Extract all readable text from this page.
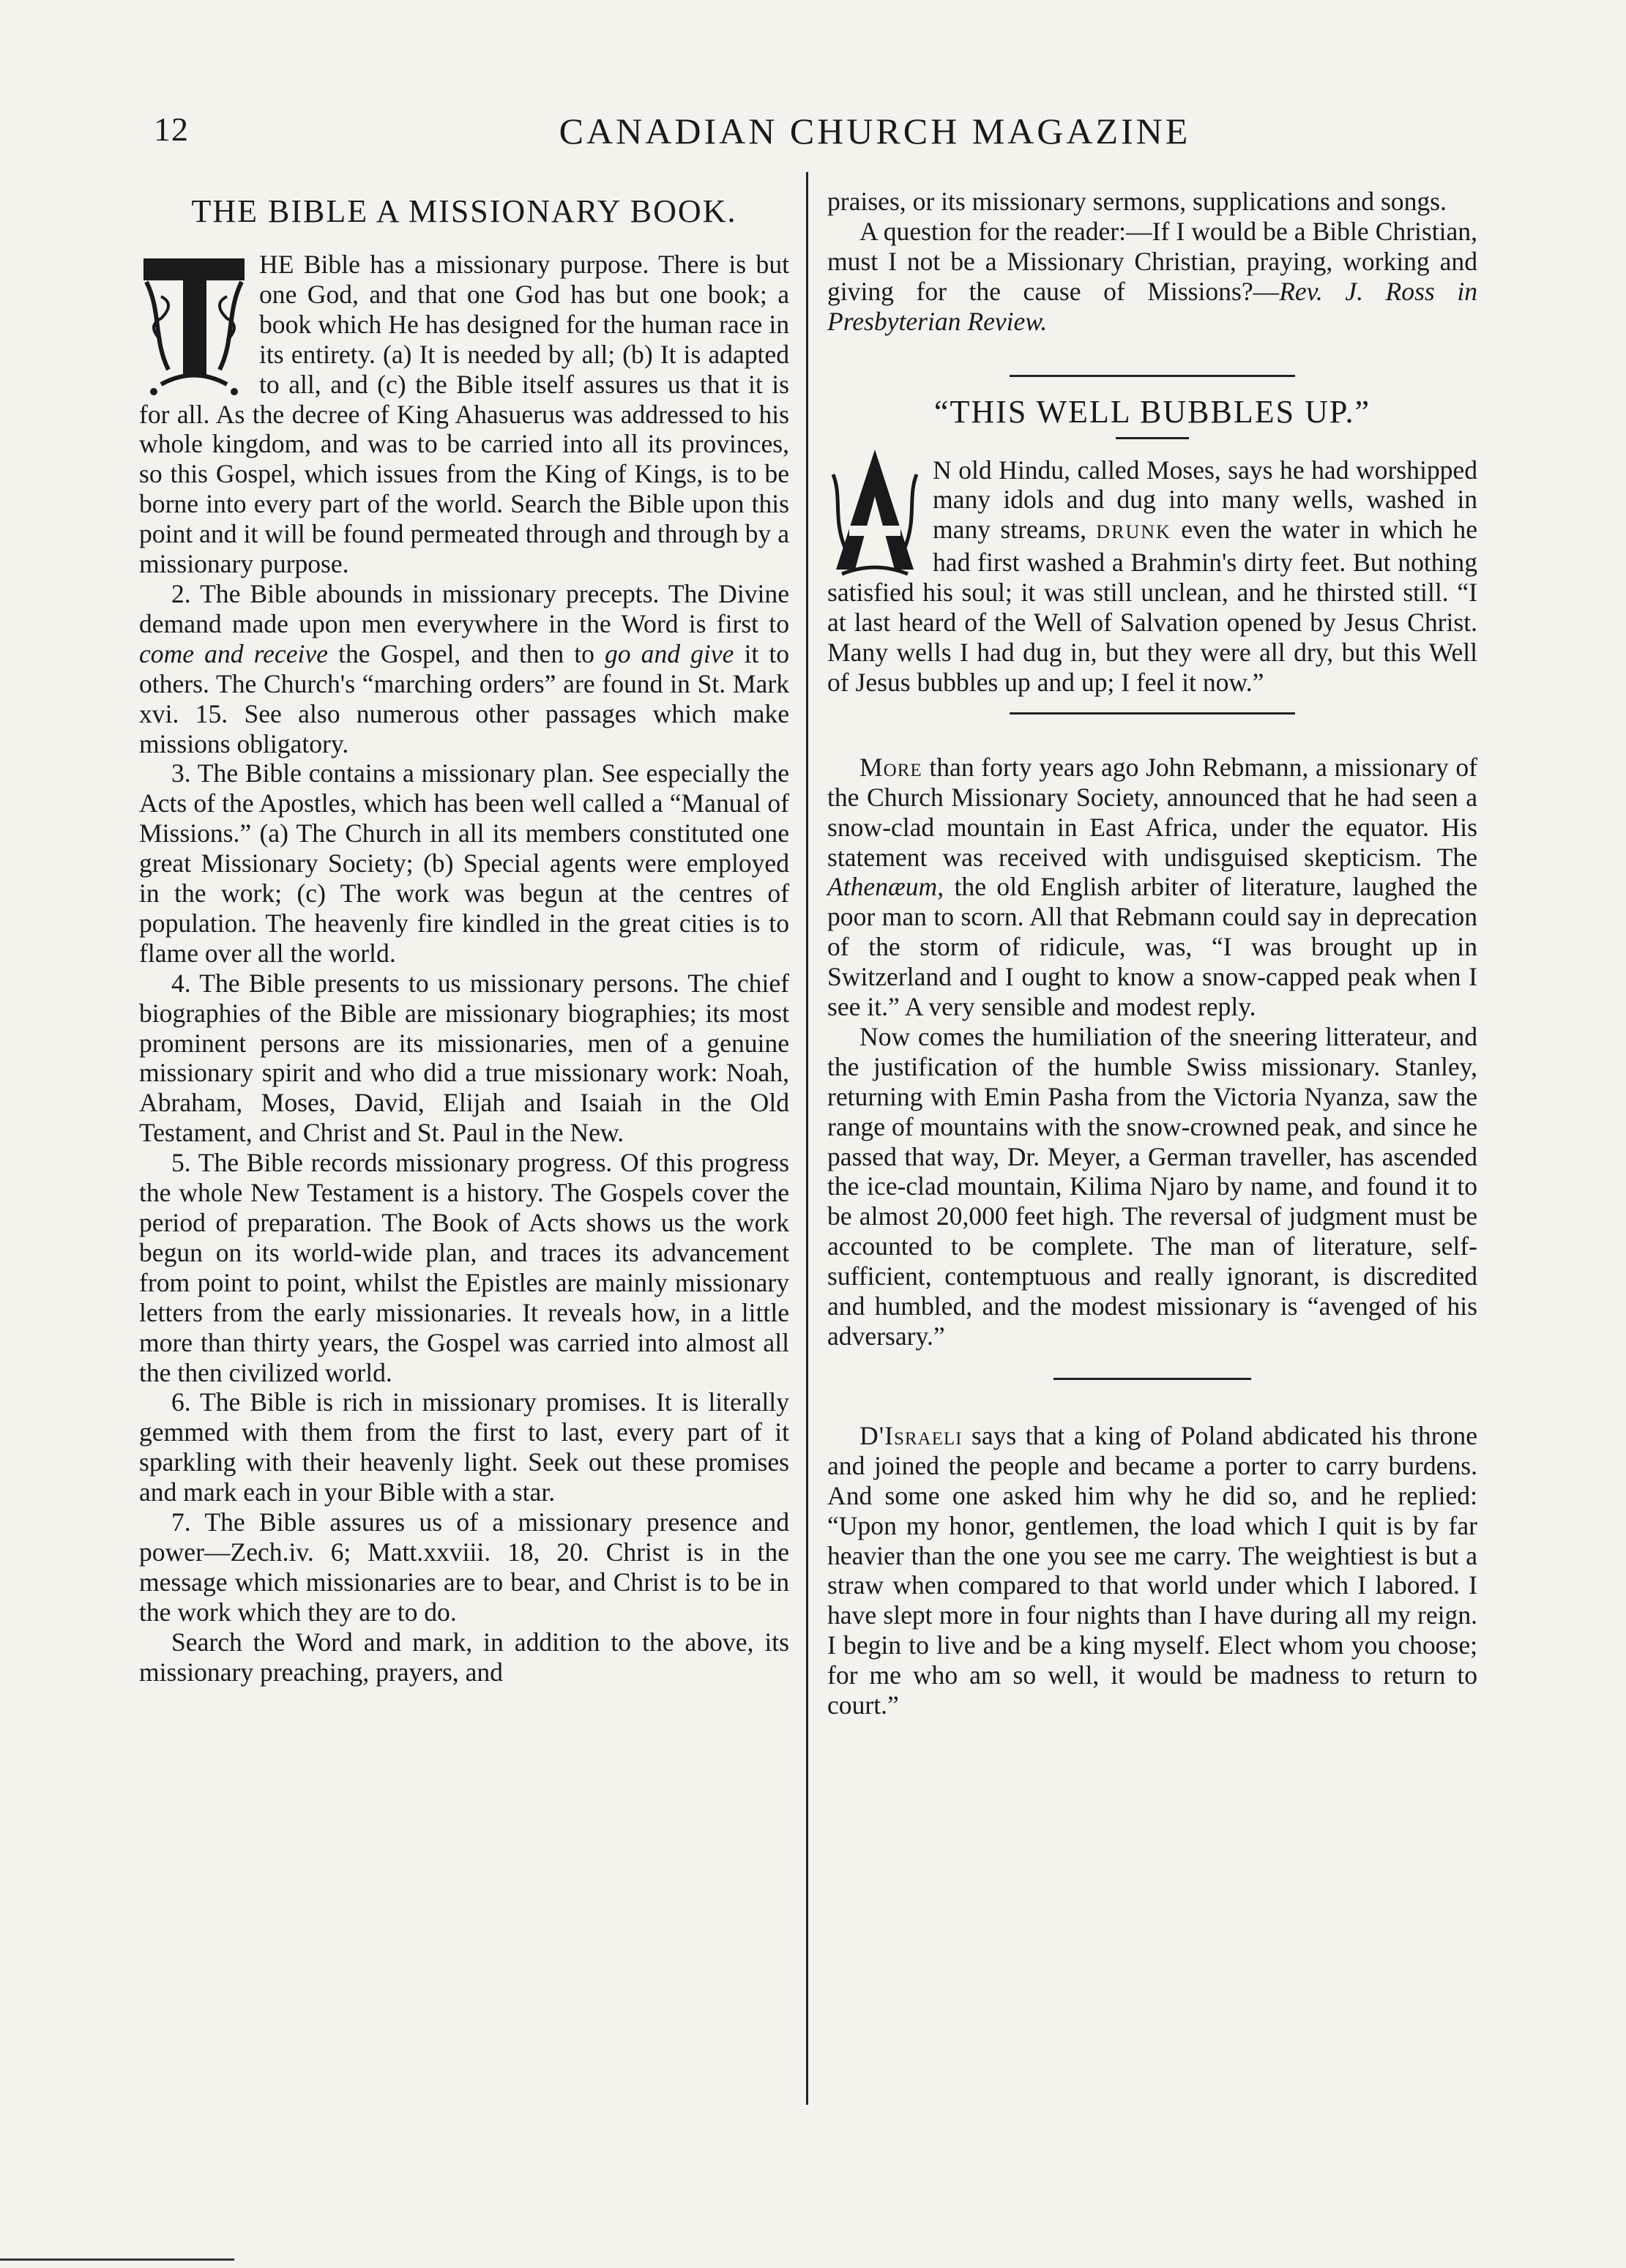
12	CANADIAN CHURCH MAGAZINE
THE BIBLE A MISSIONARY BOOK.

HE Bible has a missionary purpose. There is but one God, and that one God has but one book; a book which He has designed for the human race in its entirety. (a) It is needed by all; (b) It is adapted to all, and (c) the Bible itself assures us that it is for all. As the decree of King Ahasuerus was addressed to his whole kingdom, and was to be carried into all its provinces, so this Gospel, which issues from the King of Kings, is to be borne into every part of the world. Search the Bible upon this point and it will be found permeated through and through by a missionary purpose.

2. The Bible abounds in missionary precepts. The Divine demand made upon men everywhere in the Word is first to come and receive the Gospel, and then to go and give it to others. The Church's “marching orders” are found in St. Mark xvi. 15. See also numerous other passages which make missions obligatory.

3. The Bible contains a missionary plan. See especially the Acts of the Apostles, which has been well called a “Manual of Missions.” (a) The Church in all its members constituted one great Missionary Society; (b) Special agents were employed in the work; (c) The work was begun at the centres of population. The heavenly fire kindled in the great cities is to flame over all the world.

4. The Bible presents to us missionary persons. The chief biographies of the Bible are missionary biographies; its most prominent persons are its missionaries, men of a genuine missionary spirit and who did a true missionary work: Noah, Abraham, Moses, David, Elijah and Isaiah in the Old Testament, and Christ and St. Paul in the New.

5. The Bible records missionary progress. Of this progress the whole New Testament is a history. The Gospels cover the period of preparation. The Book of Acts shows us the work begun on its world-wide plan, and traces its advancement from point to point, whilst the Epistles are mainly missionary letters from the early missionaries. It reveals how, in a little more than thirty years, the Gospel was carried into almost all the then civilized world.

6. The Bible is rich in missionary promises. It is literally gemmed with them from the first to last, every part of it sparkling with their heavenly light. Seek out these promises and mark each in your Bible with a star.

7. The Bible assures us of a missionary presence and power—Zech.iv. 6; Matt.xxviii. 18, 20. Christ is in the message which missionaries are to bear, and Christ is to be in the work which they are to do.

Search the Word and mark, in addition to the above, its missionary preaching, prayers, and

praises, or its missionary sermons, supplications and songs.

A question for the reader:—If I would be a Bible Christian, must I not be a Missionary Christian, praying, working and giving for the cause of Missions?—Rev. J. Ross in Presbyterian Review.

“THIS WELL BUBBLES UP.”

N old Hindu, called Moses, says he had worshipped many idols and dug into many wells, washed in many streams, DRUNK even the water in which he had first washed a Brahmin's dirty feet. But nothing satisfied his soul; it was still unclean, and he thirsted still. “I at last heard of the Well of Salvation opened by Jesus Christ. Many wells I had dug in, but they were all dry, but this Well of Jesus bubbles up and up; I feel it now.”

More than forty years ago John Rebmann, a missionary of the Church Missionary Society, announced that he had seen a snow-clad mountain in East Africa, under the equator. His statement was received with undisguised skepticism. The Athenæum, the old English arbiter of literature, laughed the poor man to scorn. All that Rebmann could say in deprecation of the storm of ridicule, was, “I was brought up in Switzerland and I ought to know a snow-capped peak when I see it.” A very sensible and modest reply.

Now comes the humiliation of the sneering litterateur, and the justification of the humble Swiss missionary. Stanley, returning with Emin Pasha from the Victoria Nyanza, saw the range of mountains with the snow-crowned peak, and since he passed that way, Dr. Meyer, a German traveller, has ascended the ice-clad mountain, Kilima Njaro by name, and found it to be almost 20,000 feet high. The reversal of judgment must be accounted to be complete. The man of literature, self-sufficient, contemptuous and really ignorant, is discredited and humbled, and the modest missionary is “avenged of his adversary.”

D'Israeli says that a king of Poland abdicated his throne and joined the people and became a porter to carry burdens. And some one asked him why he did so, and he replied: “Upon my honor, gentlemen, the load which I quit is by far heavier than the one you see me carry. The weightiest is but a straw when compared to that world under which I labored. I have slept more in four nights than I have during all my reign. I begin to live and be a king myself. Elect whom you choose; for me who am so well, it would be madness to return to court.”
